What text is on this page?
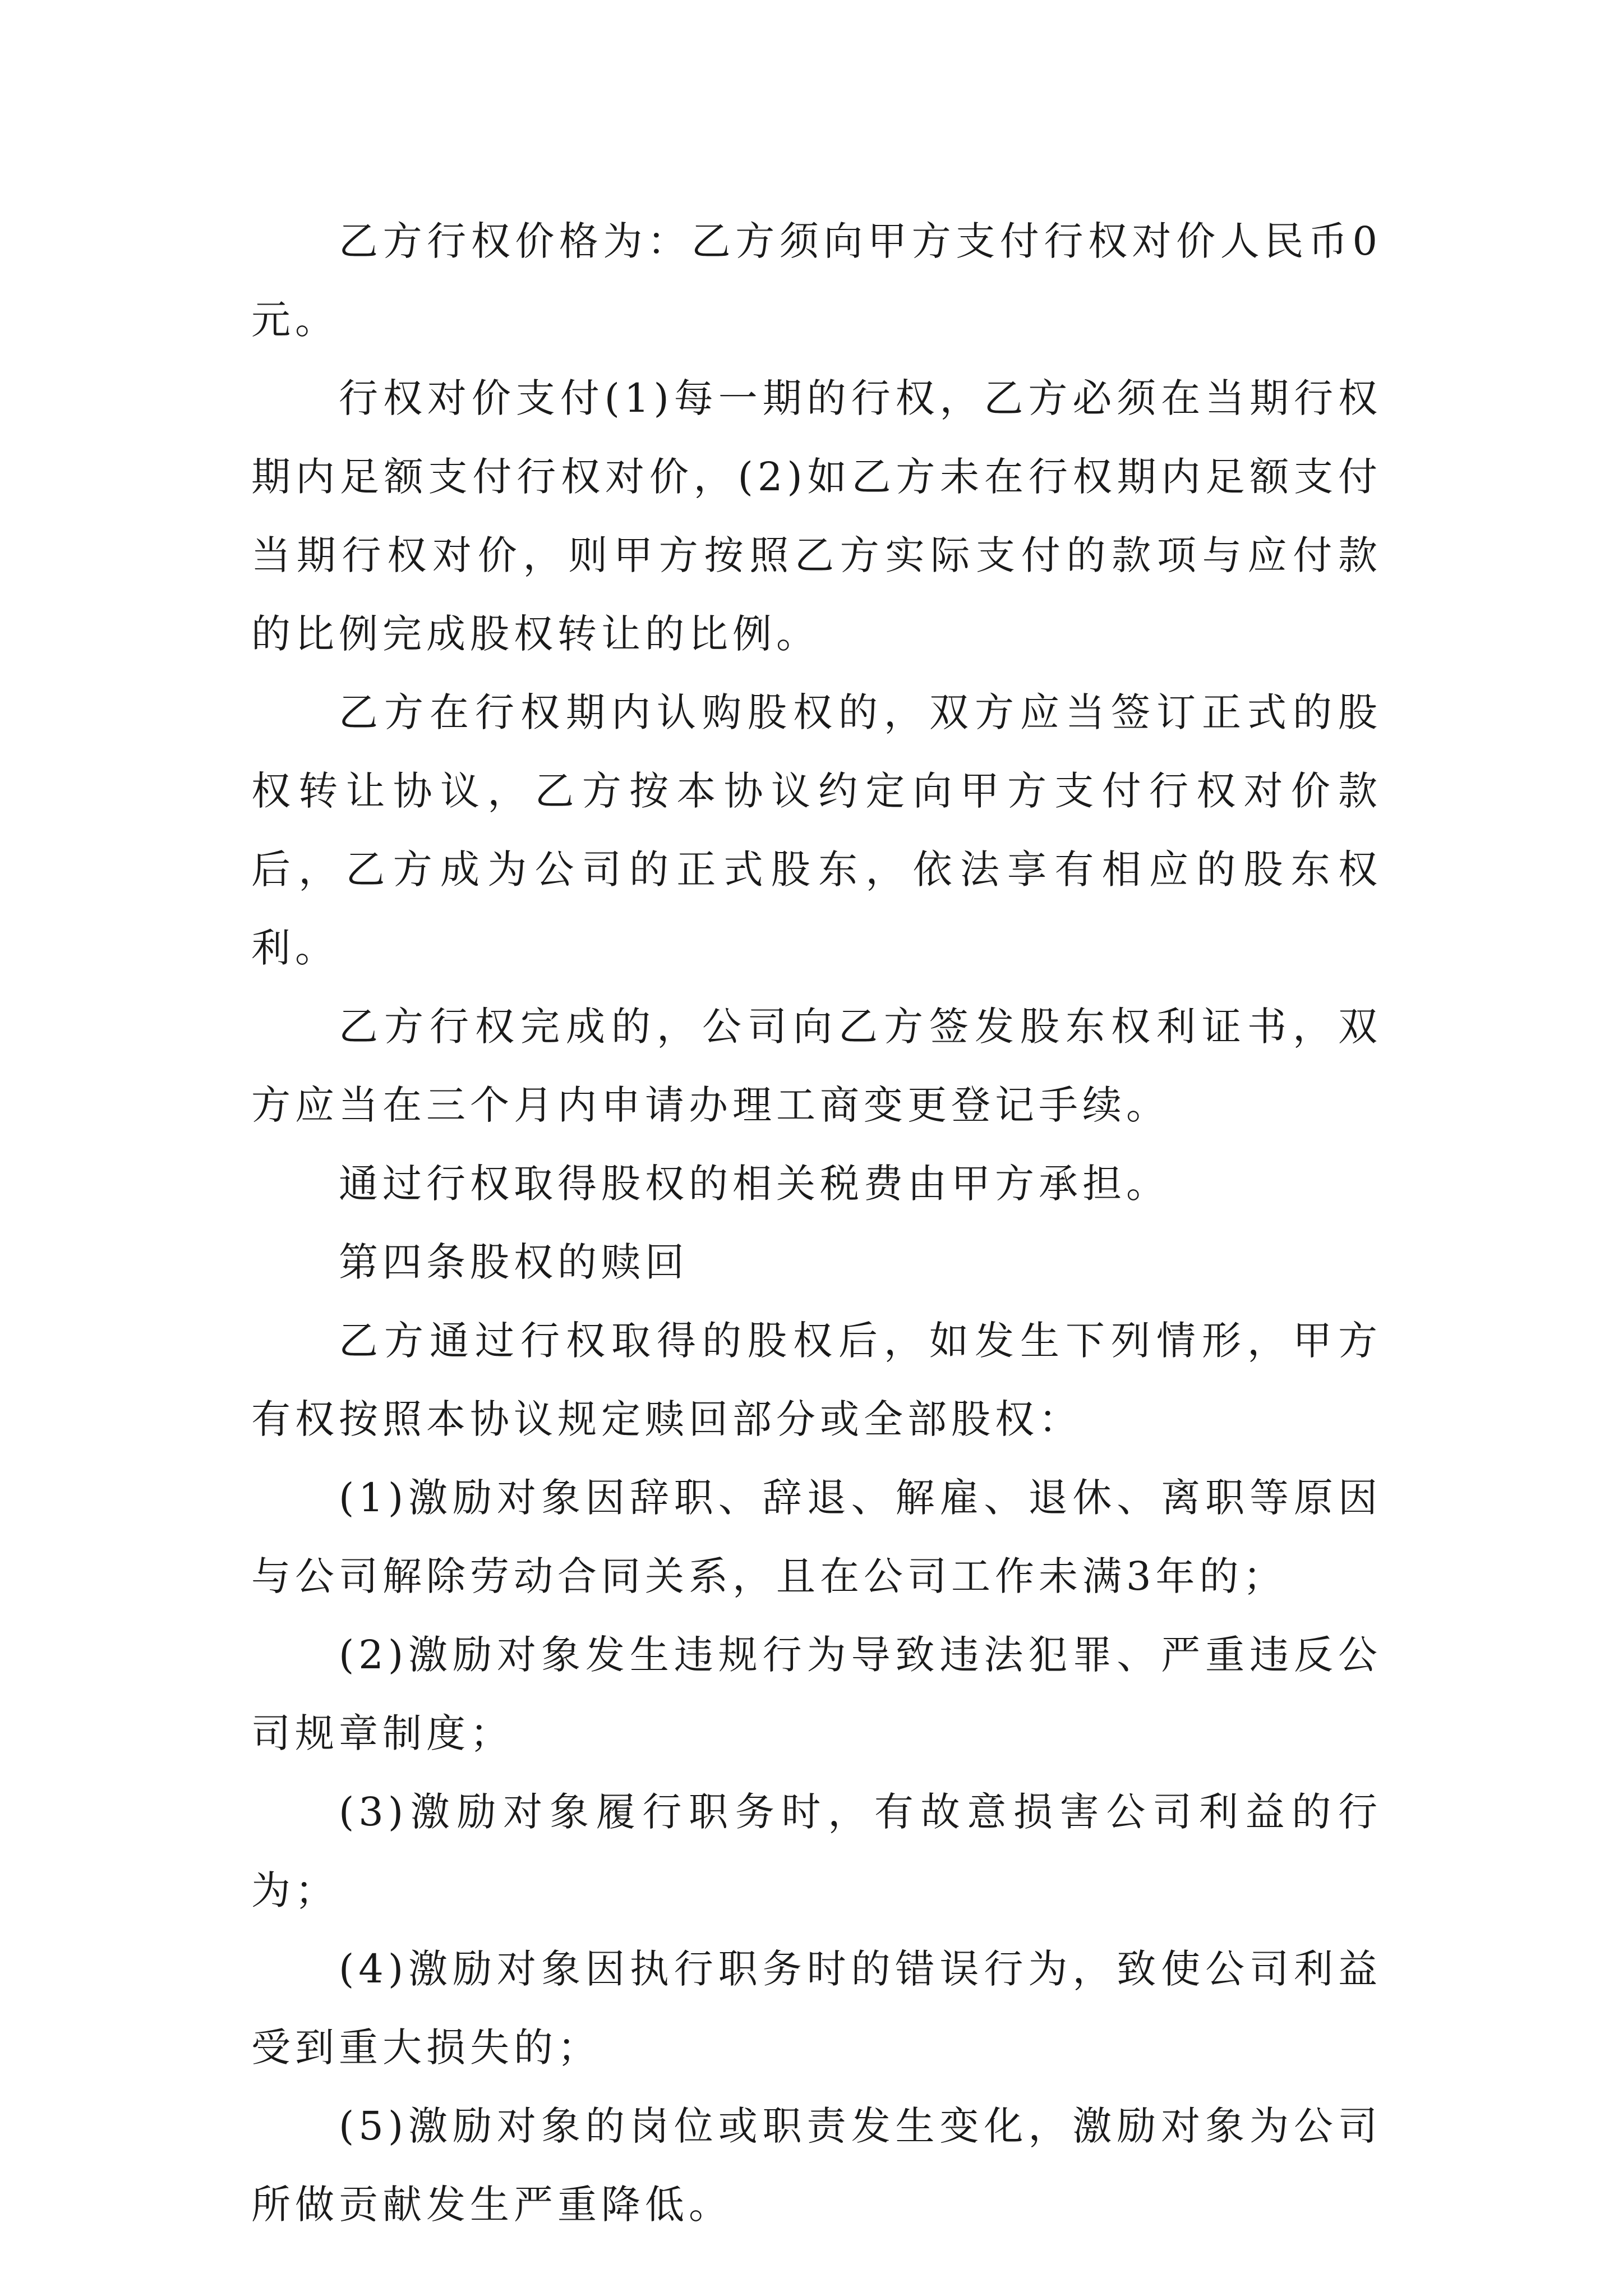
乙方行权价格为：乙方须向甲方支付行权对价人民币0元。

行权对价支付(1)每一期的行权，乙方必须在当期行权期内足额支付行权对价，(2)如乙方未在行权期内足额支付当期行权对价，则甲方按照乙方实际支付的款项与应付款的比例完成股权转让的比例。

乙方在行权期内认购股权的，双方应当签订正式的股权转让协议，乙方按本协议约定向甲方支付行权对价款后，乙方成为公司的正式股东，依法享有相应的股东权利。

乙方行权完成的，公司向乙方签发股东权利证书，双方应当在三个月内申请办理工商变更登记手续。

通过行权取得股权的相关税费由甲方承担。

第四条股权的赎回

乙方通过行权取得的股权后，如发生下列情形，甲方有权按照本协议规定赎回部分或全部股权：

(1)激励对象因辞职、辞退、解雇、退休、离职等原因与公司解除劳动合同关系，且在公司工作未满3年的；

(2)激励对象发生违规行为导致违法犯罪、严重违反公司规章制度；

(3)激励对象履行职务时，有故意损害公司利益的行为；

(4)激励对象因执行职务时的错误行为，致使公司利益受到重大损失的；

(5)激励对象的岗位或职责发生变化，激励对象为公司所做贡献发生严重降低。
